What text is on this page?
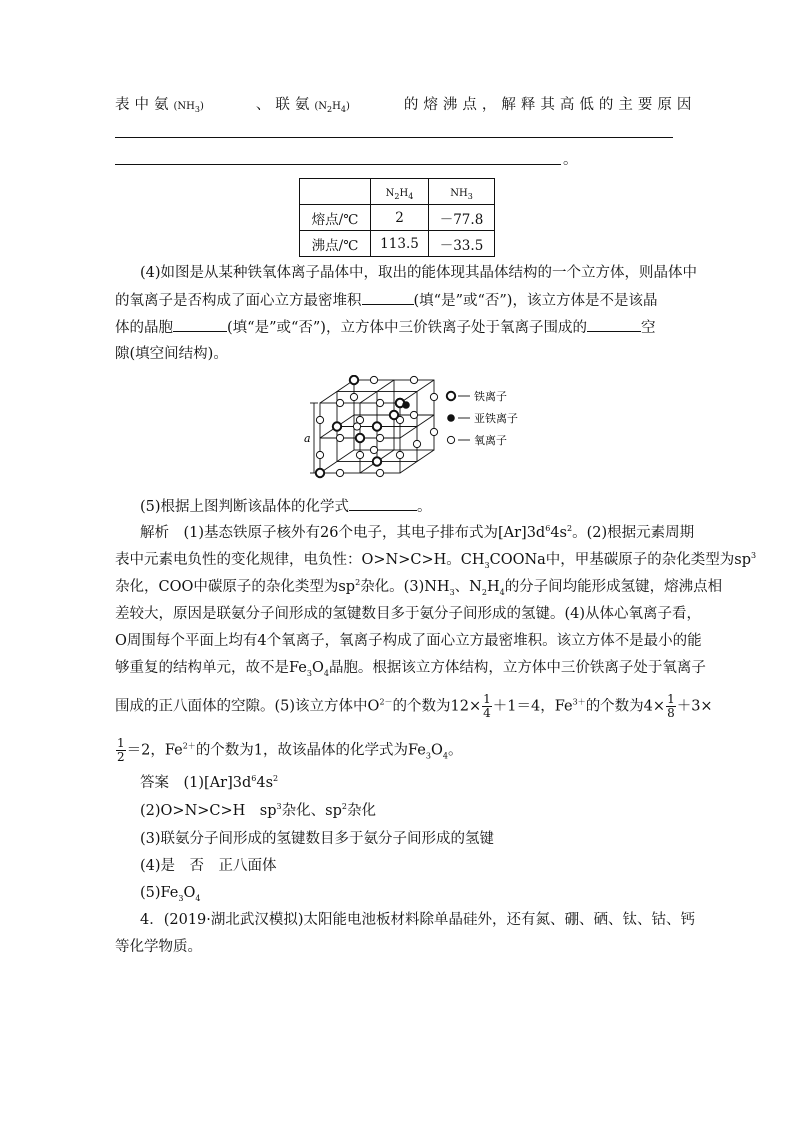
表中氨$(NH_3)$	、联氨$(N_2H_4)$	的熔沸点，解释其高低的主要原因
。
	$N_2H_4$	$NH_3$
熔点/℃	2	－77.8
沸点/℃	113.5	－33.5
(4)如图是从某种铁氧体离子晶体中，取出的能体现其晶体结构的一个立方体，则晶体中
的氧离子是否构成了面心立方最密堆积	(填“是”或“否”)，该立方体是不是该晶
体的晶胞	(填“是”或“否”)，立方体中三价铁离子处于氧离子围成的	空
隙(填空间结构)。
铁离子
亚铁离子
氧离子
a
(5)根据上图判断该晶体的化学式	。
解析　 (1)基态铁原子核外有26个电子，其电子排布式为$[Ar]3d^64s^2$。(2)根据元素周期
表中元素电负性的变化规律，电负性：O>N>C>H。$CH_3COONa$中，甲基碳原子的杂化类型为$sp^3$
杂化，COO中碳原子的杂化类型为$sp^2$杂化。$(3)NH_3$、$N_2H_4$的分子间均能形成氢键，熔沸点相
差较大，原因是联氨分子间形成的氢键数目多于氨分子间形成的氢键。(4)从体心氧离子看，
O周围每个平面上均有4个氧离子，氧离子构成了面心立方最密堆积。该立方体不是最小的能
够重复的结构单元，故不是$Fe_3O_4$晶胞。根据该立方体结构，立方体中三价铁离子处于氧离子
围成的正八面体的空隙。(5)该立方体中$O^{2-}$的个数为$12\times \frac{1}{4} +1=4$，$Fe^{3+}$的个数为$4\times \frac{1}{8} +3\times$
$\frac{1}{2} =2$，$Fe^{2+}$的个数为1，故该晶体的化学式为$Fe_3O_4$。
答案　 $(1)[Ar]3d^64s^2$
(2)O>N>C>H　$sp^3$杂化、$sp^2$杂化
(3)联氨分子间形成的氢键数目多于氨分子间形成的氢键
(4)是　否　正八面体
$(5)Fe_3O_4$
4．(2019·湖北武汉模拟)太阳能电池板材料除单晶硅外，还有氮、硼、硒、钛、钴、钙
等化学物质。
